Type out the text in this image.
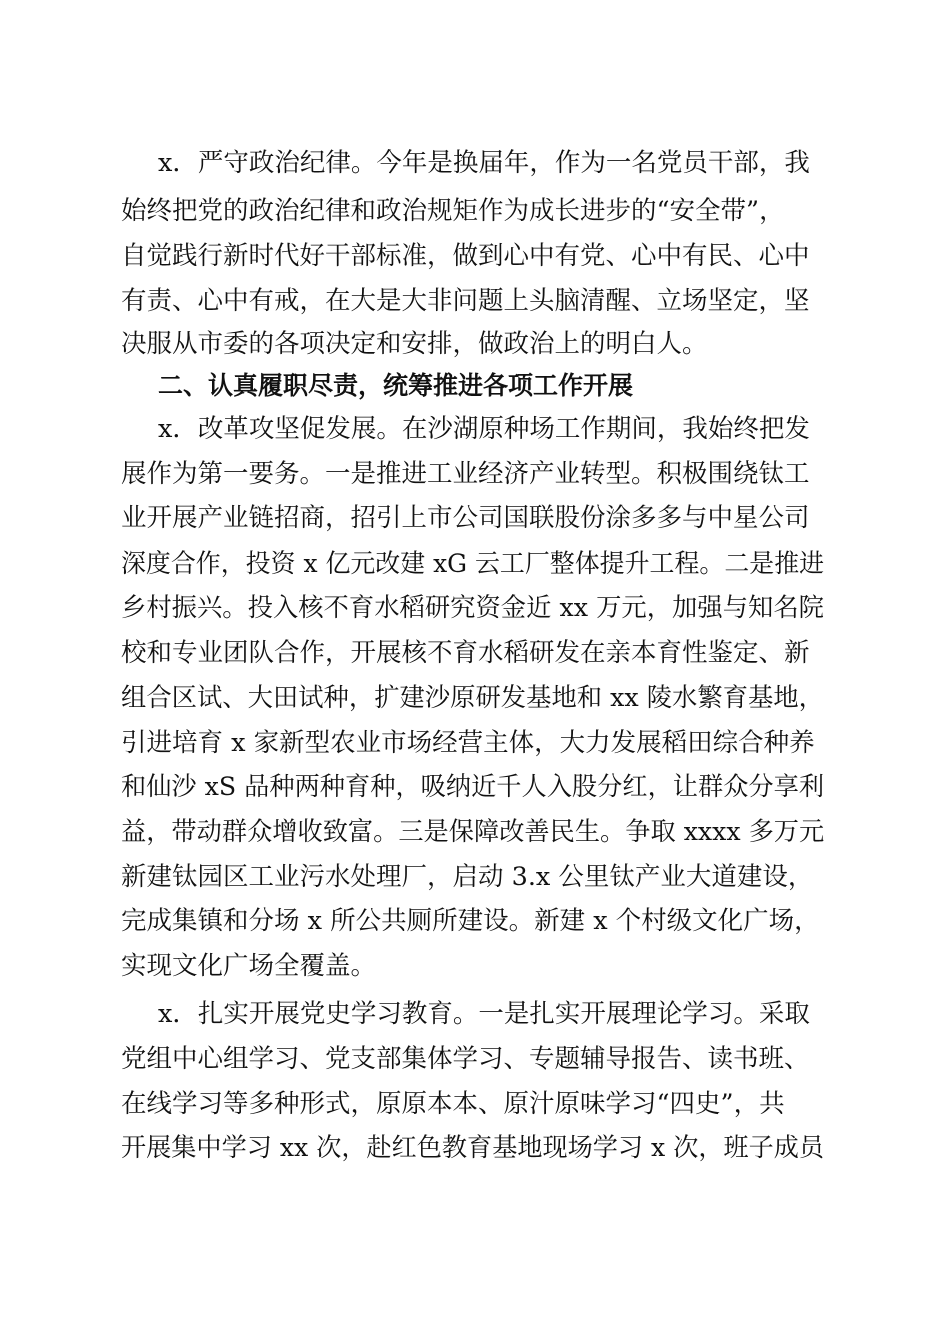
x．严守政治纪律。今年是换届年，作为一名党员干部，我
始终把党的政治纪律和政治规矩作为成长进步的“安全带”，
自觉践行新时代好干部标准，做到心中有党、心中有民、心中
有责、心中有戒，在大是大非问题上头脑清醒、立场坚定，坚
决服从市委的各项决定和安排，做政治上的明白人。
二、认真履职尽责，统筹推进各项工作开展
x．改革攻坚促发展。在沙湖原种场工作期间，我始终把发
展作为第一要务。一是推进工业经济产业转型。积极围绕钛工
业开展产业链招商，招引上市公司国联股份涂多多与中星公司
深度合作，投资 x 亿元改建 xG 云工厂整体提升工程。二是推进
乡村振兴。投入核不育水稻研究资金近 xx 万元，加强与知名院
校和专业团队合作，开展核不育水稻研发在亲本育性鉴定、新
组合区试、大田试种，扩建沙原研发基地和 xx 陵水繁育基地，
引进培育 x 家新型农业市场经营主体，大力发展稻田综合种养
和仙沙 xS 品种两种育种，吸纳近千人入股分红，让群众分享利
益，带动群众增收致富。三是保障改善民生。争取 xxxx 多万元
新建钛园区工业污水处理厂，启动 3.x 公里钛产业大道建设，
完成集镇和分场 x 所公共厕所建设。新建 x 个村级文化广场，
实现文化广场全覆盖。
x．扎实开展党史学习教育。一是扎实开展理论学习。采取
党组中心组学习、党支部集体学习、专题辅导报告、读书班、
在线学习等多种形式，原原本本、原汁原味学习“四史”，共
开展集中学习 xx 次，赴红色教育基地现场学习 x 次，班子成员
